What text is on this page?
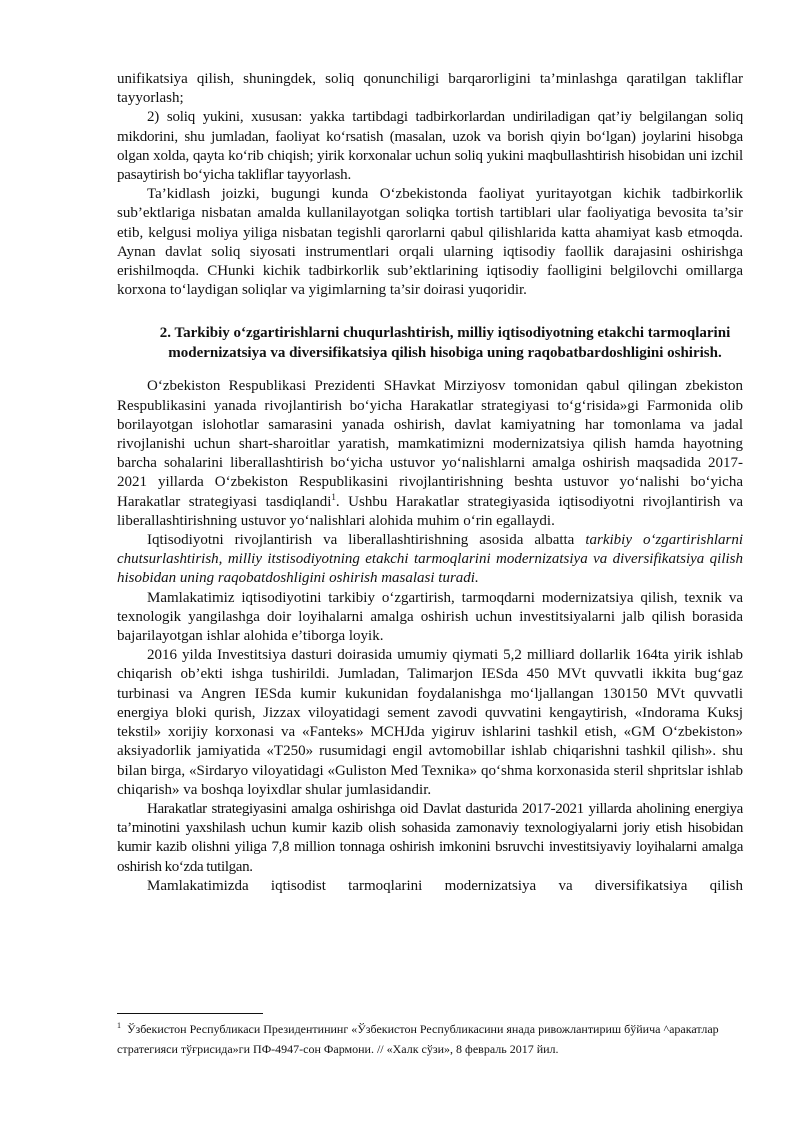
unifikatsiya qilish, shuningdek, soliq qonunchiligi barqarorligini ta’minlashga qaratilgan takliflar tayyorlash;

2) soliq yukini, xususan: yakka tartibdagi tadbirkorlardan undiriladigan qat’iy belgilangan soliq mikdorini, shu jumladan, faoliyat ko‘rsatish (masalan, uzok va borish qiyin bo‘lgan) joylarini hisobga olgan xolda, qayta ko‘rib chiqish; yirik korxonalar uchun soliq yukini maqbullashtirish hisobidan uni izchil pasaytirish bo‘yicha takliflar tayyorlash.

Ta’kidlash joizki, bugungi kunda O‘zbekistonda faoliyat yuritayotgan kichik tadbirkorlik sub’ektlariga nisbatan amalda kullanilayotgan soliqka tortish tartiblari ular faoliyatiga bevosita ta’sir etib, kelgusi moliya yiliga nisbatan tegishli qarorlarni qabul qilishlarida katta ahamiyat kasb etmoqda. Aynan davlat soliq siyosati instrumentlari orqali ularning iqtisodiy faollik darajasini oshirishga erishilmoqda. CHunki kichik tadbirkorlik sub’ektlarining iqtisodiy faolligini belgilovchi omillarga korxona to‘laydigan soliqlar va yigimlarning ta’sir doirasi yuqoridir.

2. Tarkibiy o‘zgartirishlarni chuqurlashtirish, milliy iqtisodiyotning etakchi tarmoqlarini modernizatsiya va diversifikatsiya qilish hisobiga uning raqobatbardoshligini oshirish.

O‘zbekiston Respublikasi Prezidenti SHavkat Mirziyosv tomonidan qabul qilingan zbekiston Respublikasini yanada rivojlantirish bo‘yicha Harakatlar strategiyasi to‘g‘risida»gi Farmonida olib borilayotgan islohotlar samarasini yanada oshirish, davlat kamiyatning har tomonlama va jadal rivojlanishi uchun shart-sharoitlar yaratish, mamkatimizni modernizatsiya qilish hamda hayotning barcha sohalarini liberallashtirish bo‘yicha ustuvor yo‘nalishlarni amalga oshirish maqsadida 2017-2021 yillarda O‘zbekiston Respublikasini rivojlantirishning beshta ustuvor yo‘nalishi bo‘yicha Harakatlar strategiyasi tasdiqlandi$^1$. Ushbu Harakatlar strategiyasida iqtisodiyotni rivojlantirish va liberallashtirishning ustuvor yo‘nalishlari alohida muhim o‘rin egallaydi.

Iqtisodiyotni rivojlantirish va liberallashtirishning asosida albatta tarkibiy o‘zgartirishlarni chutsurlashtirish, milliy itstisodiyotning etakchi tarmoqlarini modernizatsiya va diversifikatsiya qilish hisobidan uning raqobatdoshligini oshirish masalasi turadi.

Mamlakatimiz iqtisodiyotini tarkibiy o‘zgartirish, tarmoqdarni modernizatsiya qilish, texnik va texnologik yangilashga doir loyihalarni amalga oshirish uchun investitsiyalarni jalb qilish borasida bajarilayotgan ishlar alohida e’tiborga loyik.

2016 yilda Investitsiya dasturi doirasida umumiy qiymati 5,2 milliard dollarlik 164ta yirik ishlab chiqarish ob’ekti ishga tushirildi. Jumladan, Talimarjon IESda 450 MVt quvvatli ikkita bug‘gaz turbinasi va Angren IESda kumir kukunidan foydalanishga mo‘ljallangan 130150 MVt quvvatli energiya bloki qurish, Jizzax viloyatidagi sement zavodi quvvatini kengaytirish, «Indorama Kuksj tekstil» xorijiy korxonasi va «Fanteks» MCHJda yigiruv ishlarini tashkil etish, «GM O‘zbekiston» aksiyadorlik jamiyatida «T250» rusumidagi engil avtomobillar ishlab chiqarishni tashkil qilish». shu bilan birga, «Sirdaryo viloyatidagi «Guliston Med Texnika» qo‘shma korxonasida steril shpritslar ishlab chiqarish» va boshqa loyixdlar shular jumlasidandir.

Harakatlar strategiyasini amalga oshirishga oid Davlat dasturida 2017-2021 yillarda aholining energiya ta’minotini yaxshilash uchun kumir kazib olish sohasida zamonaviy texnologiyalarni joriy etish hisobidan kumir kazib olishni yiliga 7,8 million tonnaga oshirish imkonini bsruvchi investitsiyaviy loyihalarni amalga oshirish ko‘zda tutilgan.

Mamlakatimizda iqtisodist tarmoqlarini modernizatsiya va diversifikatsiya qilish

$^1$ Ўзбекистон Республикаси Президентининг «Ўзбекистон Республикасини янада ривожлантириш бўйича ^аракатлар стратегияси тўғрисида»ги ПФ-4947-сон Фармони. // «Халк сўзи», 8 февраль 2017 йил.
